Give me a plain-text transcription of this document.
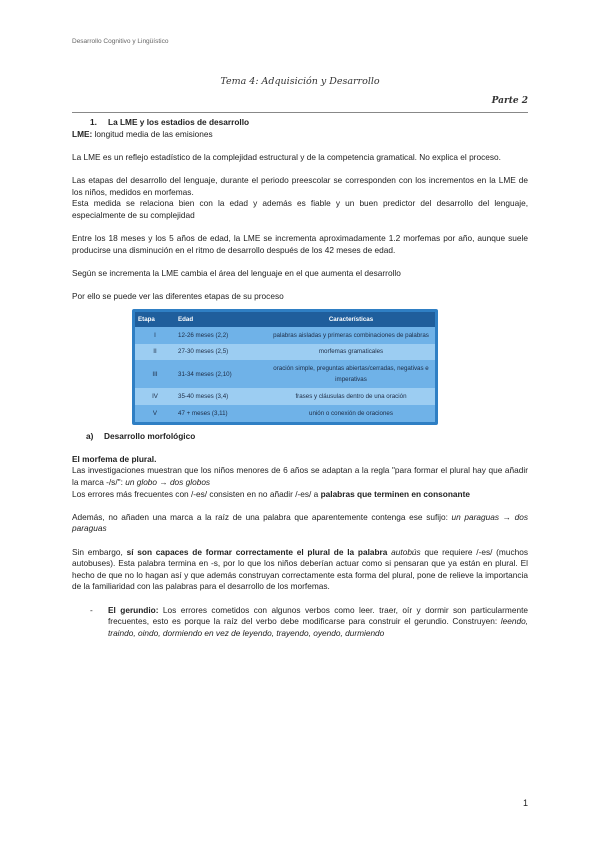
Desarrollo Cognitivo y Lingüístico
Tema 4: Adquisición y Desarrollo
Parte 2

1. La LME y los estadios de desarrollo

LME: longitud media de las emisiones

La LME es un reflejo estadístico de la complejidad estructural y de la competencia gramatical. No explica el proceso.

Las etapas del desarrollo del lenguaje, durante el periodo preescolar se corresponden con los incrementos en la LME de los niños, medidos en morfemas.

Esta medida se relaciona bien con la edad y además es fiable y un buen predictor del desarrollo del lenguaje, especialmente de su complejidad

Entre los 18 meses y los 5 años de edad, la LME se incrementa aproximadamente 1.2 morfemas por año, aunque suele producirse una disminución en el ritmo de desarrollo después de los 42 meses de edad.

Según se incrementa la LME cambia el área del lenguaje en el que aumenta el desarrollo

Por ello se puede ver las diferentes etapas de su proceso

Etapa	Edad	Características
I	12-26 meses (2,2)	palabras aisladas y primeras combinaciones de palabras
II	27-30 meses (2,5)	morfemas gramaticales
III	31-34 meses (2,10)	oración simple, preguntas abiertas/cerradas, negativas e imperativas
IV	35-40 meses (3,4)	frases y cláusulas dentro de una oración
V	47 + meses (3,11)	unión o conexión de oraciones

a) Desarrollo morfológico

El morfema de plural.

Las investigaciones muestran que los niños menores de 6 años se adaptan a la regla "para formar el plural hay que añadir la marca -/s/": un globo → dos globos

Los errores más frecuentes con /-es/ consisten en no añadir /-es/ a palabras que terminen en consonante

Además, no añaden una marca a la raíz de una palabra que aparentemente contenga ese sufijo: un paraguas → dos paraguas

Sin embargo, sí son capaces de formar correctamente el plural de la palabra autobús que requiere /-es/ (muchos autobuses). Esta palabra termina en -s, por lo que los niños deberían actuar como si pensaran que ya están en plural. El hecho de que no lo hagan así y que además construyan correctamente esta forma del plural, pone de relieve la importancia de la familiaridad con las palabras para el desarrollo de los morfemas.

-	El gerundio: Los errores cometidos con algunos verbos como leer. traer, oír y dormir son particularmente frecuentes, esto es porque la raíz del verbo debe modificarse para construir el gerundio. Construyen: leendo, traindo, oindo, dormiendo en vez de leyendo, trayendo, oyendo, durmiendo

1
